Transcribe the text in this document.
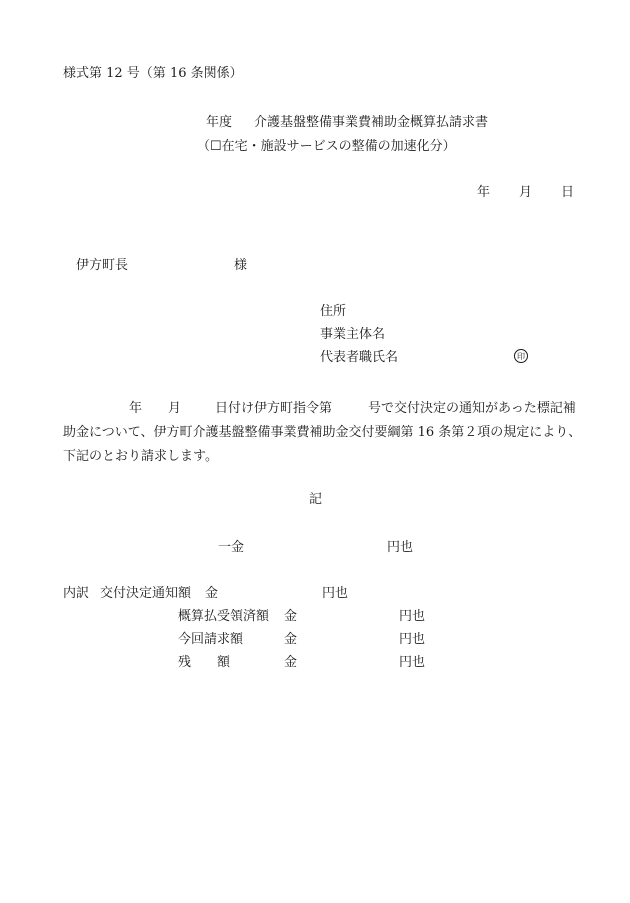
様式第 12 号（第 16 条関係）
年度 介護基盤整備事業費補助金概算払請求書
（☐在宅・施設サービスの整備の加速化分）
年 月 日
伊方町長	様
住所
事業主体名
代表者職氏名	印
年 月	日付け伊方町指令第	号で交付決定の通知があった標記補
助金について、伊方町介護基盤整備事業費補助金交付要綱第 16 条第２項の規定により、
下記のとおり請求します。
記
一金	円也
内訳 交付決定通知額 金	円也
概算払受領済額 金	円也
今回請求額	金	円也
残　　額	金	円也
